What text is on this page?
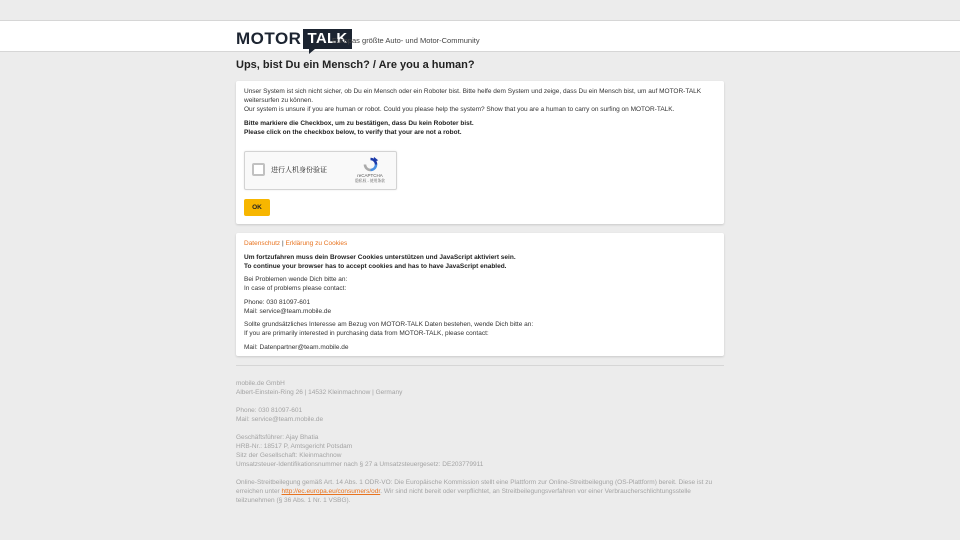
MOTOR TALK
Europas größte Auto- und Motor-Community
Ups, bist Du ein Mensch? / Are you a human?

Unser System ist sich nicht sicher, ob Du ein Mensch oder ein Roboter bist. Bitte helfe dem System und zeige, dass Du ein Mensch bist, um auf MOTOR-TALK weitersurfen zu können.

Our system is unsure if you are human or robot. Could you please help the system? Show that you are a human to carry on surfing on MOTOR-TALK.

Bitte markiere die Checkbox, um zu bestätigen, dass Du kein Roboter bist.

Please click on the checkbox below, to verify that your are not a robot.

进行人机身份验证
reCAPTCHA
隐私权 - 使用条款
OK

Datenschutz | Erklärung zu Cookies

Um fortzufahren muss dein Browser Cookies unterstützen und JavaScript aktiviert sein.

To continue your browser has to accept cookies and has to have JavaScript enabled.

Bei Problemen wende Dich bitte an:

In case of problems please contact:

Phone: 030 81097-601

Mail: service@team.mobile.de

Sollte grundsätzliches Interesse am Bezug von MOTOR-TALK Daten bestehen, wende Dich bitte an:

If you are primarily interested in purchasing data from MOTOR-TALK, please contact:

Mail: Datenpartner@team.mobile.de

mobile.de GmbH

Albert-Einstein-Ring 26 | 14532 Kleinmachnow | Germany

Phone: 030 81097-601

Mail: service@team.mobile.de

Geschäftsführer: Ajay Bhatia

HRB-Nr.: 18517 P, Amtsgericht Potsdam

Sitz der Gesellschaft: Kleinmachnow

Umsatzsteuer-Identifikationsnummer nach § 27 a Umsatzsteuergesetz: DE203779911

Online-Streitbeilegung gemäß Art. 14 Abs. 1 ODR-VO: Die Europäische Kommission stellt eine Plattform zur Online-Streitbeilegung (OS-Plattform) bereit. Diese ist zu erreichen unter http://ec.europa.eu/consumers/odr. Wir sind nicht bereit oder verpflichtet, an Streitbeilegungsverfahren vor einer Verbraucherschlichtungsstelle teilzunehmen (§ 36 Abs. 1 Nr. 1 VSBG).
